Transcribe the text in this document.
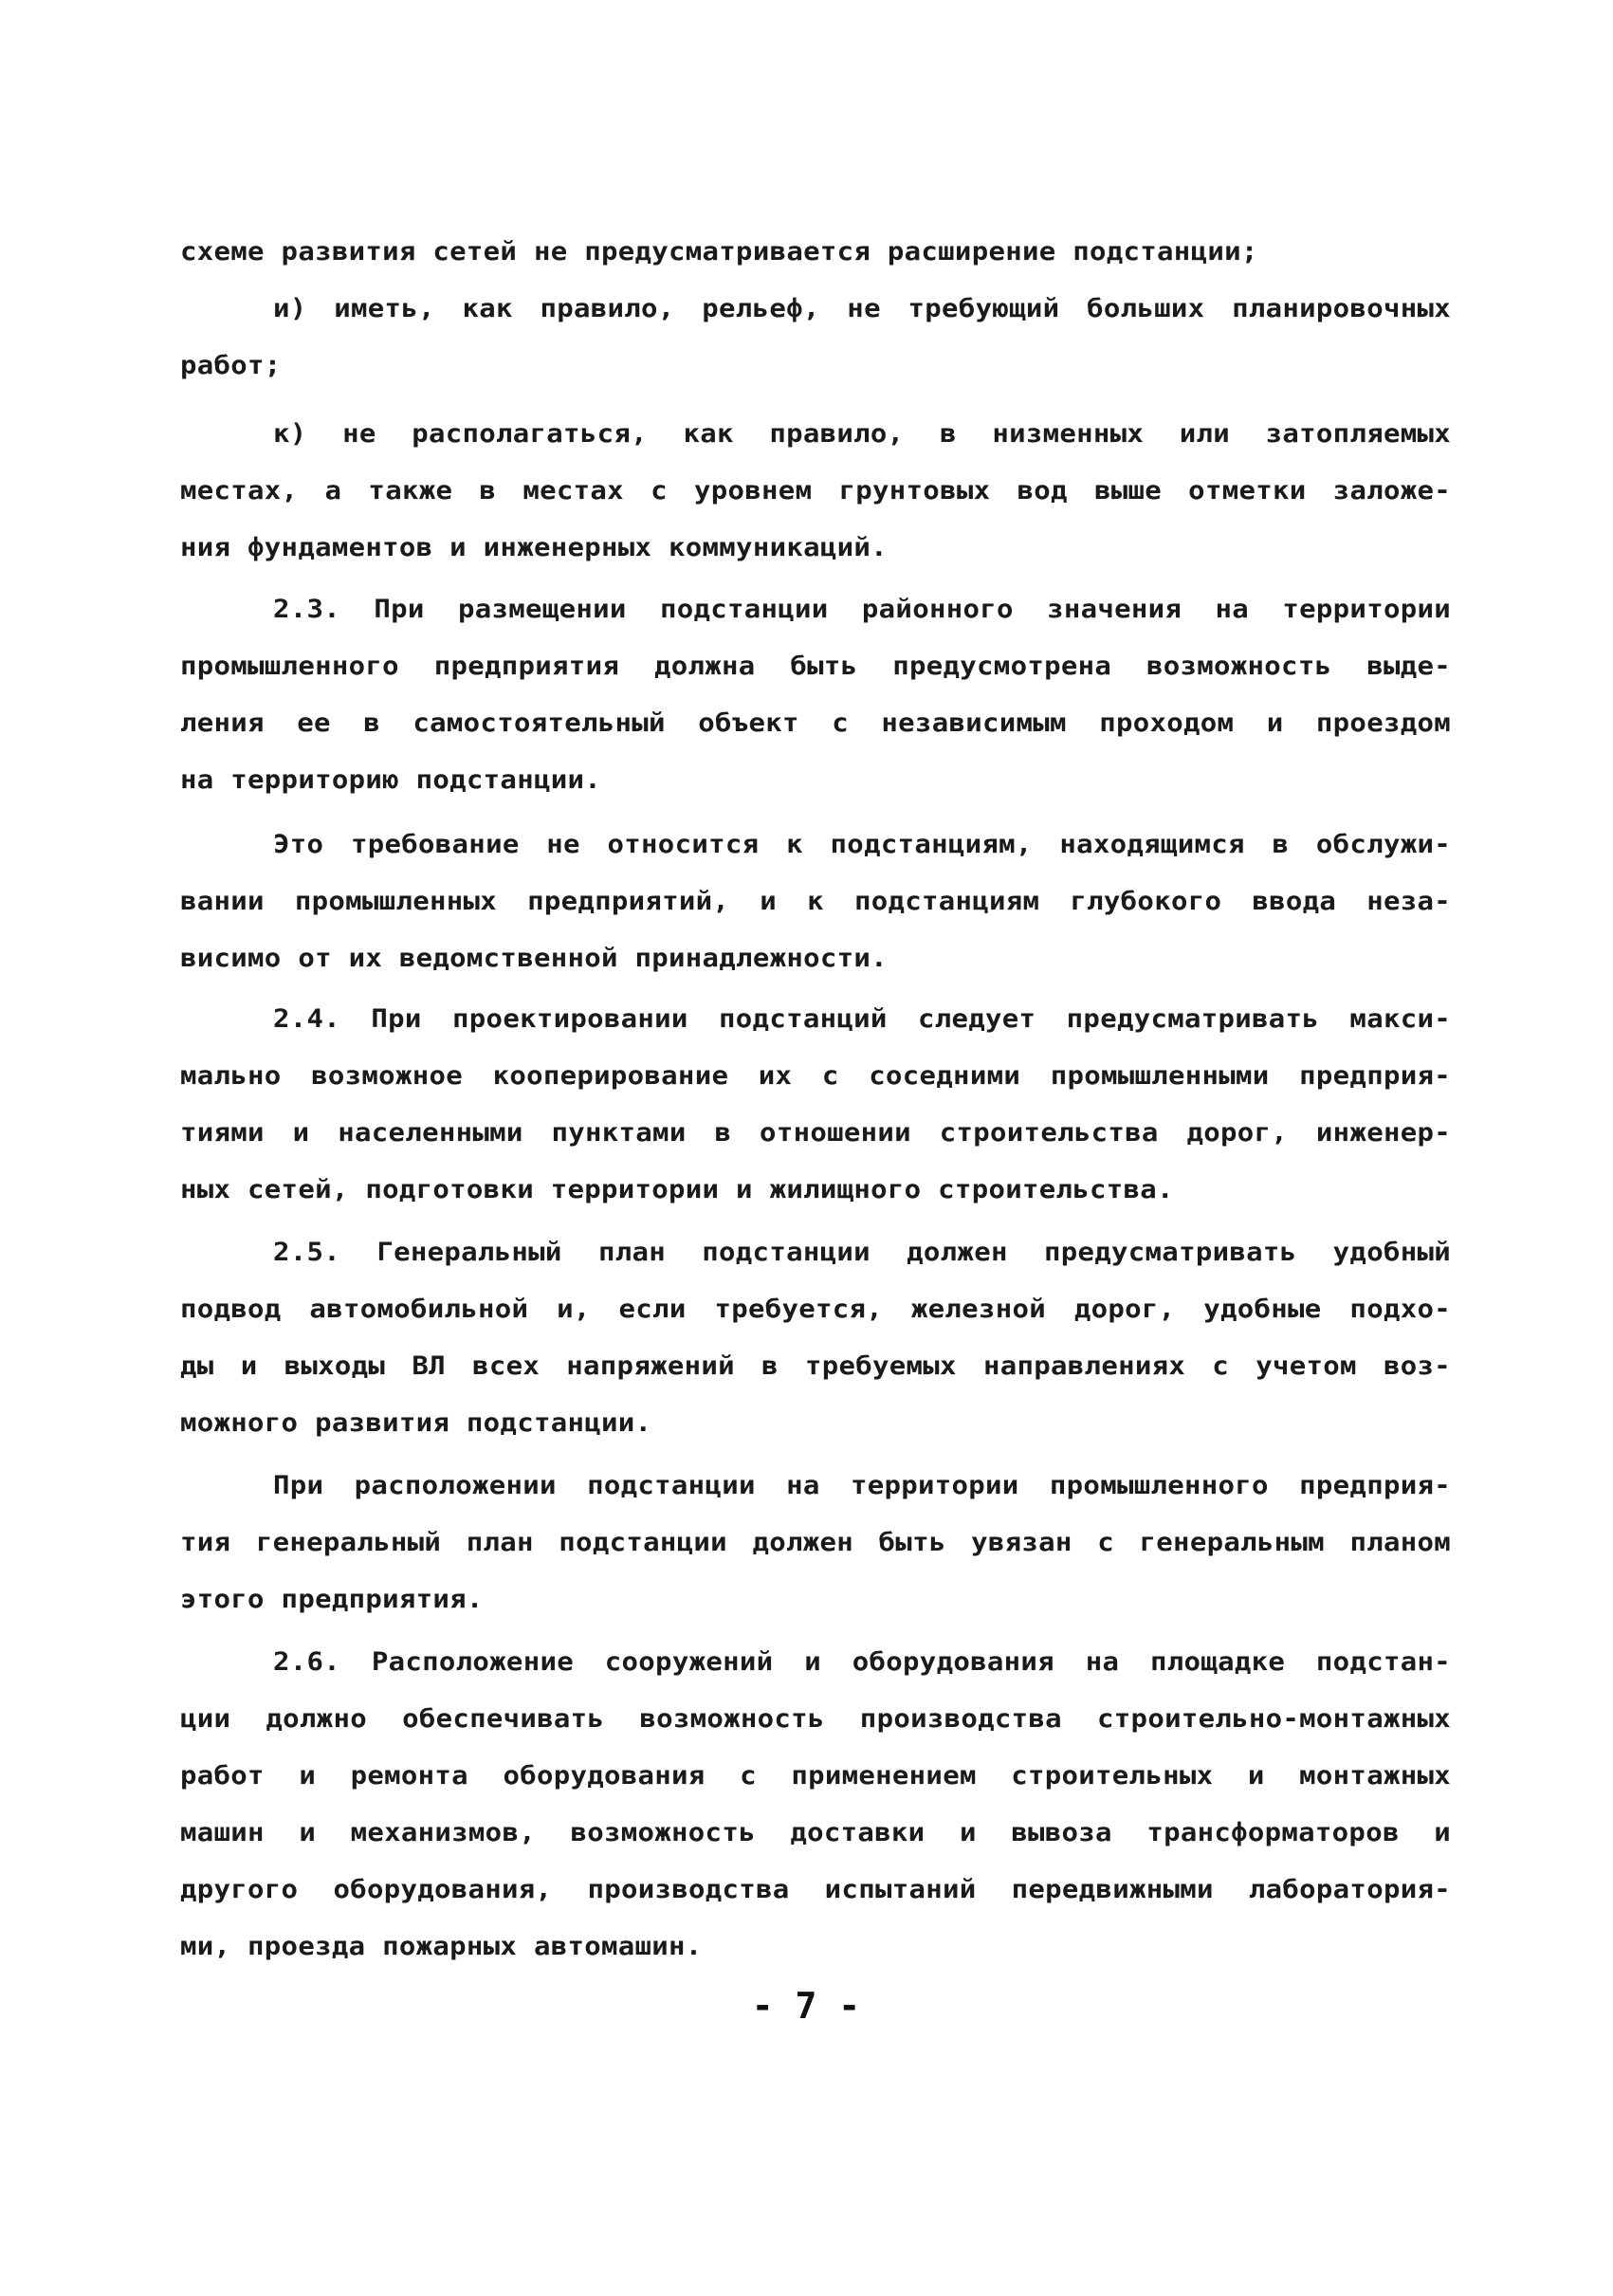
схеме развития сетей не предусматривается расширение подстанции;
и) иметь, как правило, рельеф, не требующий больших планировочных
работ;
к) не располагаться, как правило, в низменных или затопляемых
местах, а также в местах с уровнем грунтовых вод выше отметки заложе-
ния фундаментов и инженерных коммуникаций.
2.3. При размещении подстанции районного значения на территории
промышленного предприятия должна быть предусмотрена возможность выде-
ления ее в самостоятельный объект с независимым проходом и проездом
на территорию подстанции.
Это требование не относится к подстанциям, находящимся в обслужи-
вании промышленных предприятий, и к подстанциям глубокого ввода неза-
висимо от их ведомственной принадлежности.
2.4. При проектировании подстанций следует предусматривать макси-
мально возможное кооперирование их с соседними промышленными предприя-
тиями и населенными пунктами в отношении строительства дорог, инженер-
ных сетей, подготовки территории и жилищного строительства.
2.5. Генеральный план подстанции должен предусматривать удобный
подвод автомобильной и, если требуется, железной дорог, удобные подхо-
ды и выходы ВЛ всех напряжений в требуемых направлениях с учетом воз-
можного развития подстанции.
При расположении подстанции на территории промышленного предприя-
тия генеральный план подстанции должен быть увязан с генеральным планом
этого предприятия.
2.6. Расположение сооружений и оборудования на площадке подстан-
ции должно обеспечивать возможность производства строительно-монтажных
работ и ремонта оборудования с применением строительных и монтажных
машин и механизмов, возможность доставки и вывоза трансформаторов и
другого оборудования, производства испытаний передвижными лаборатория-
ми, проезда пожарных автомашин.
- 7 -
